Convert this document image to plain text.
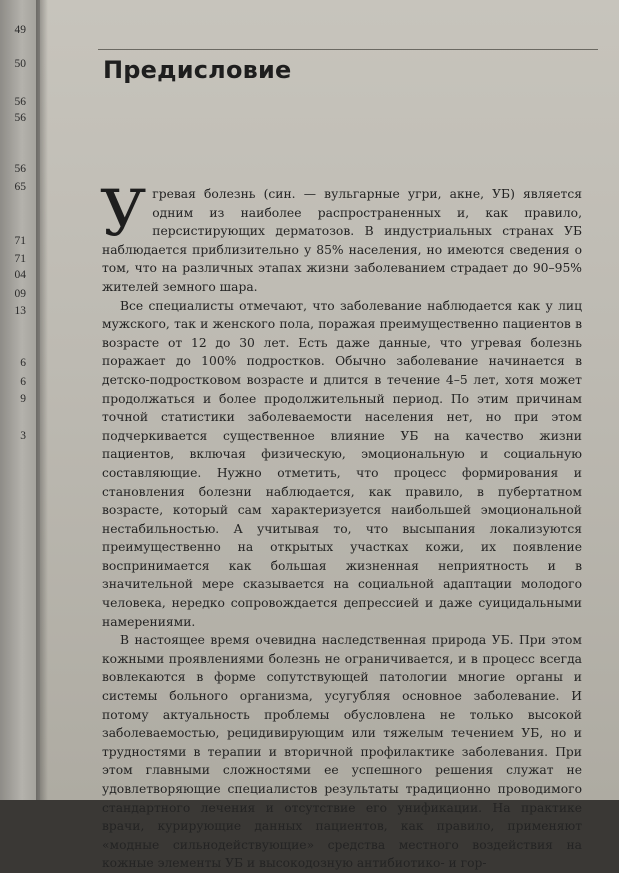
49
50
56
56
56
65
71
71
04
09
13
6
6
9
3
Предисловие

Угревая болезнь (син. — вульгарные угри, акне, УБ) является одним из наиболее распространенных и, как правило, персистирующих дерматозов. В индустриальных странах УБ наблюдается приблизительно у 85% населения, но имеются сведения о том, что на различных этапах жизни заболеванием страдает до 90–95% жителей земного шара.

Все специалисты отмечают, что заболевание наблюдается как у лиц мужского, так и женского пола, поражая преимущественно пациентов в возрасте от 12 до 30 лет. Есть даже данные, что угревая болезнь поражает до 100% подростков. Обычно заболевание начинается в детско-подростковом возрасте и длится в течение 4–5 лет, хотя может продолжаться и более продолжительный период. По этим причинам точной статистики заболеваемости населения нет, но при этом подчеркивается существенное влияние УБ на качество жизни пациентов, включая физическую, эмоциональную и социальную составляющие. Нужно отметить, что процесс формирования и становления болезни наблюдается, как правило, в пубертатном возрасте, который сам характеризуется наибольшей эмоциональной нестабильностью. А учитывая то, что высыпания локализуются преимущественно на открытых участках кожи, их появление воспринимается как большая жизненная неприятность и в значительной мере сказывается на социальной адаптации молодого человека, нередко сопровождается депрессией и даже суицидальными намерениями.

В настоящее время очевидна наследственная природа УБ. При этом кожными проявлениями болезнь не ограничивается, и в процесс всегда вовлекаются в форме сопутствующей патологии многие органы и системы больного организма, усугубляя основное заболевание. И потому актуальность проблемы обусловлена не только высокой заболеваемостью, рецидивирующим или тяжелым течением УБ, но и трудностями в терапии и вторичной профилактике заболевания. При этом главными сложностями ее успешного решения служат не удовлетворяющие специалистов результаты традиционно проводимого стандартного лечения и отсутствие его унификации. На практике врачи, курирующие данных пациентов, как правило, применяют «модные сильнодействующие» средства местного воздействия на кожные элементы УБ и высокодозную антибиотико- и гор-
